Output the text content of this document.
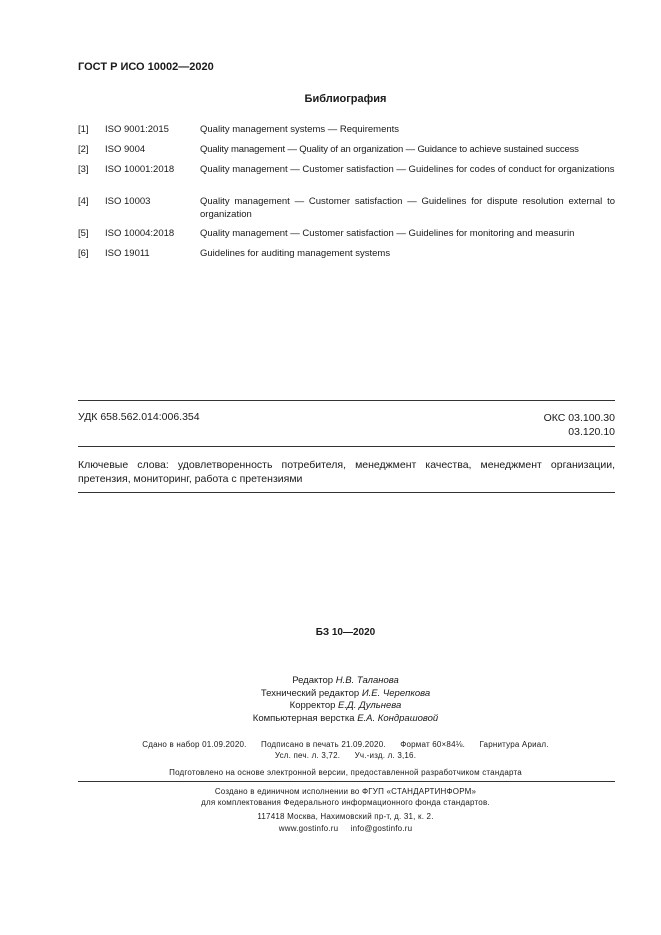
ГОСТ Р ИСО 10002—2020
Библиография
[1] ISO 9001:2015	Quality management systems — Requirements
[2] ISO 9004	Quality management — Quality of an organization — Guidance to achieve sustained success
[3] ISO 10001:2018	Quality management — Customer satisfaction — Guidelines for codes of conduct for organizations
[4] ISO 10003	Quality management — Customer satisfaction — Guidelines for dispute resolution external to organization
[5] ISO 10004:2018	Quality management — Customer satisfaction — Guidelines for monitoring and measurin
[6] ISO 19011	Guidelines for auditing management systems
УДК 658.562.014:006.354	ОКС 03.100.30
03.120.10
Ключевые слова: удовлетворенность потребителя, менеджмент качества, менеджмент организации, претензия, мониторинг, работа с претензиями
БЗ 10—2020
Редактор Н.В. Таланова
Технический редактор И.Е. Черепкова
Корректор Е.Д. Дульнева
Компьютерная верстка Е.А. Кондрашовой
Сдано в набор 01.09.2020. Подписано в печать 21.09.2020. Формат 60×84⅛. Гарнитура Ариал.
Усл. печ. л. 3,72. Уч.-изд. л. 3,16.
Подготовлено на основе электронной версии, предоставленной разработчиком стандарта
Создано в единичном исполнении во ФГУП «СТАНДАРТИНФОРМ»
для комплектования Федерального информационного фонда стандартов.
117418 Москва, Нахимовский пр-т, д. 31, к. 2.
www.gostinfo.ru info@gostinfo.ru
